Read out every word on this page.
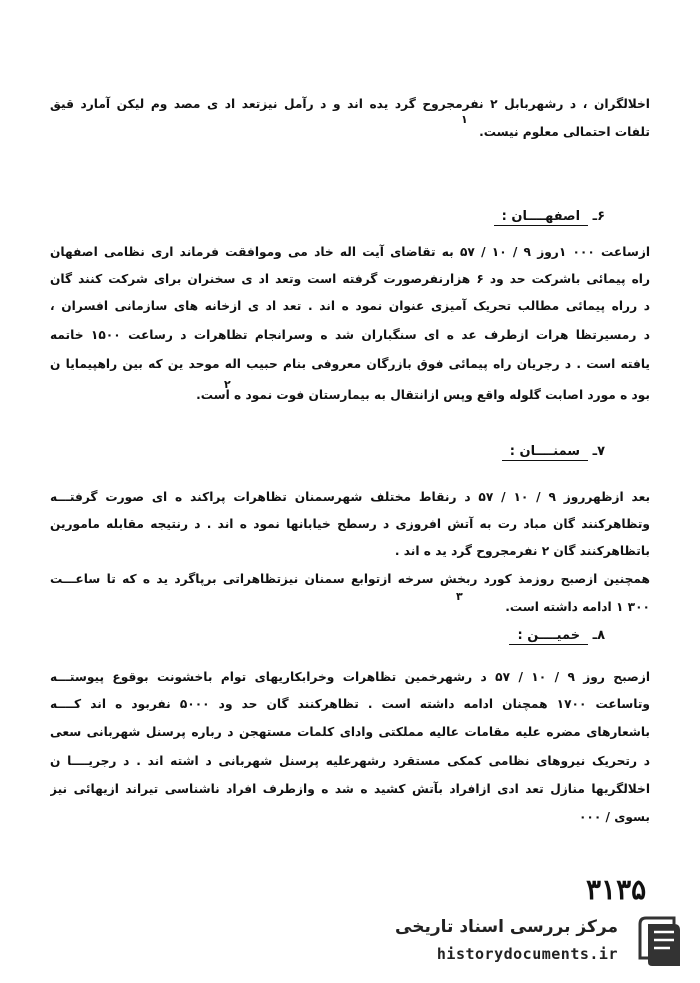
اخلالگران ، د رشهربابل ۲ نفرمجروح گرد یده اند و د رآمل نیزتعد اد ی مصد وم لیکن آمارد قیق
تلفات احتمالی معلوم نیست.
۱
۶ـ اصفهــــان :
ازساعت ۰۰۰ ۱روز ۹ / ۱۰ / ۵۷ به تقاضای آیت اله خاد می وموافقت فرماند اری نظامی اصفهان
راه پیمائی باشرکت حد ود ۶ هزارنفرصورت گرفته است وتعد اد ی سخنران برای شرکت کنند گان
د رراه پیمائی مطالب تحریک آمیزی عنوان نمود ه اند . تعد اد ی ازخانه های سازمانی افسران ،
د رمسیرتظا هرات ازطرف عد ه ای سنگباران شد ه وسرانجام تظاهرات د رساعت ۱۵۰۰ خاتمه
یافته است . د رجریان راه پیمائی فوق بازرگان معروفی بنام حبیب اله موحد ین که بین راهپیمایا ن
بود ه مورد اصابت گلوله واقع وپس ازانتقال به بیمارستان فوت نمود ه است.
۲
۷ـ سمنــــان :
بعد ازظهرروز ۹ / ۱۰ / ۵۷ د رنقاط مختلف شهرسمنان تظاهرات پراکند ه ای صورت گرفتـــه
وتظاهرکنند گان مباد رت به آتش افروزی د رسطح خیابانها نمود ه اند . د رنتیجه مقابله مامورین
باتظاهرکنند گان ۲ نفرمجروح گرد ید ه اند .
همچنین ازصبح روزمذ کورد ربخش سرخه ازتوابع سمنان نیزتظاهراتی برپاگرد ید ه که تا ساعـــت
۳۰۰ ۱ ادامه داشته است.
۳
۸ـ خمیــــن :
ازصبح روز ۹ / ۱۰ / ۵۷ د رشهرخمین تظاهرات وخرابکاریهای توام باخشونت بوقوع پیوستـــه
وتاساعت ۱۷۰۰ همچنان ادامه داشته است . تظاهرکنند گان حد ود ۵۰۰۰ نفربود ه اند کــــه
باشعارهای مضره علیه مقامات عالیه مملکتی وادای کلمات مستهجن د رباره پرسنل شهربانی سعی
د رتحریک نیروهای نظامی کمکی مستقرد رشهرعلیه پرسنل شهربانی د اشته اند . د رجریــــا ن
اخلالگریها منازل تعد ادی ازافراد بآتش کشید ه شد ه وازطرف افراد ناشناسی تیراند ازیهائی نیز
بسوی / ۰۰۰
۳۱۳۵
مرکز بررسی اسناد تاریخی
historydocuments.ir
